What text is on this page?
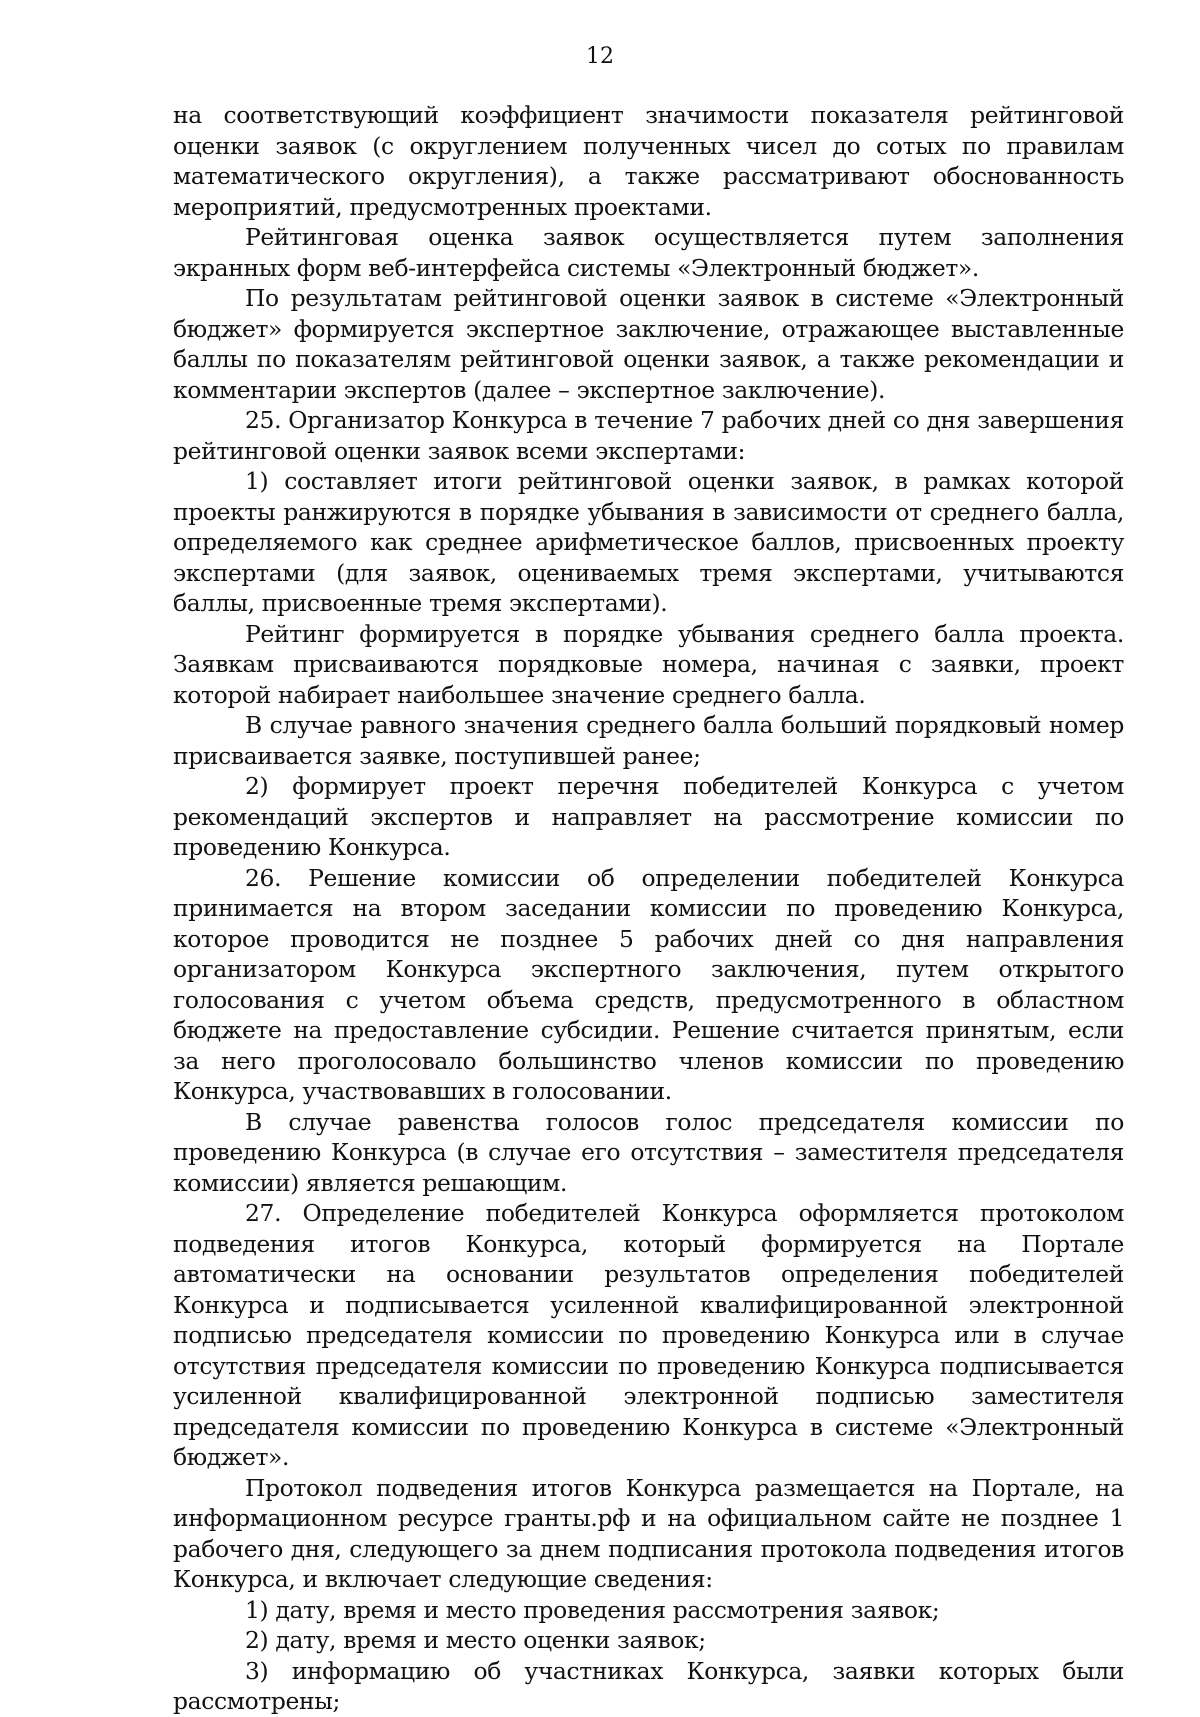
12

на соответствующий коэффициент значимости показателя рейтинговой оценки заявок (с округлением полученных чисел до сотых по правилам математического округления), а также рассматривают обоснованность мероприятий, предусмотренных проектами.

Рейтинговая оценка заявок осуществляется путем заполнения экранных форм веб-интерфейса системы «Электронный бюджет».

По результатам рейтинговой оценки заявок в системе «Электронный бюджет» формируется экспертное заключение, отражающее выставленные баллы по показателям рейтинговой оценки заявок, а также рекомендации и комментарии экспертов (далее – экспертное заключение).

25. Организатор Конкурса в течение 7 рабочих дней со дня завершения рейтинговой оценки заявок всеми экспертами:

1) составляет итоги рейтинговой оценки заявок, в рамках которой проекты ранжируются в порядке убывания в зависимости от среднего балла, определяемого как среднее арифметическое баллов, присвоенных проекту экспертами (для заявок, оцениваемых тремя экспертами, учитываются баллы, присвоенные тремя экспертами).

Рейтинг формируется в порядке убывания среднего балла проекта. Заявкам присваиваются порядковые номера, начиная с заявки, проект которой набирает наибольшее значение среднего балла.

В случае равного значения среднего балла больший порядковый номер присваивается заявке, поступившей ранее;

2) формирует проект перечня победителей Конкурса с учетом рекомендаций экспертов и направляет на рассмотрение комиссии по проведению Конкурса.

26. Решение комиссии об определении победителей Конкурса принимается на втором заседании комиссии по проведению Конкурса, которое проводится не позднее 5 рабочих дней со дня направления организатором Конкурса экспертного заключения, путем открытого голосования с учетом объема средств, предусмотренного в областном бюджете на предоставление субсидии. Решение считается принятым, если за него проголосовало большинство членов комиссии по проведению Конкурса, участвовавших в голосовании.

В случае равенства голосов голос председателя комиссии по проведению Конкурса (в случае его отсутствия – заместителя председателя комиссии) является решающим.

27. Определение победителей Конкурса оформляется протоколом подведения итогов Конкурса, который формируется на Портале автоматически на основании результатов определения победителей Конкурса и подписывается усиленной квалифицированной электронной подписью председателя комиссии по проведению Конкурса или в случае отсутствия председателя комиссии по проведению Конкурса подписывается усиленной квалифицированной электронной подписью заместителя председателя комиссии по проведению Конкурса в системе «Электронный бюджет».

Протокол подведения итогов Конкурса размещается на Портале, на информационном ресурсе гранты.рф и на официальном сайте не позднее 1 рабочего дня, следующего за днем подписания протокола подведения итогов Конкурса, и включает следующие сведения:

1) дату, время и место проведения рассмотрения заявок;

2) дату, время и место оценки заявок;

3) информацию об участниках Конкурса, заявки которых были рассмотрены;
